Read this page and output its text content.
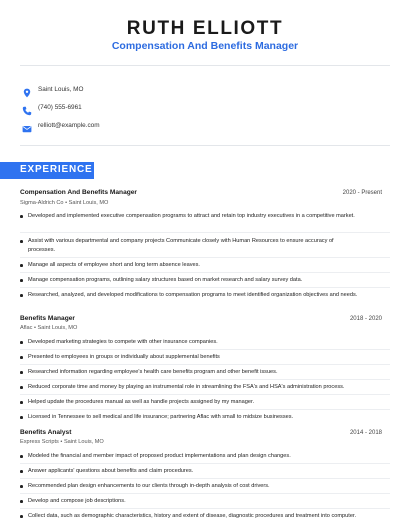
RUTH ELLIOTT
Compensation And Benefits Manager
Saint Louis, MO
(740) 555-6961
relliott@example.com
EXPERIENCE
Compensation And Benefits Manager	2020 - Present
Sigma-Aldrich Co • Saint Louis, MO
Developed and implemented executive compensation programs to attract and retain top industry executives in a competitive market.
Assist with various departmental and company projects Communicate closely with Human Resources to ensure accuracy of processes.
Manage all aspects of employee short and long term absence leaves.
Manage compensation programs, outlining salary structures based on market research and salary survey data.
Researched, analyzed, and developed modifications to compensation programs to meet identified organization objectives and needs.
Benefits Manager	2018 - 2020
Aflac • Saint Louis, MO
Developed marketing strategies to compete with other insurance companies.
Presented to employees in groups or individually about supplemental benefits
Researched information regarding employee's health care benefits program and other benefit issues.
Reduced corporate time and money by playing an instrumental role in streamlining the FSA's and HSA's administration process.
Helped update the procedures manual as well as handle projects assigned by my manager.
Licensed in Tennessee to sell medical and life insurance; partnering Aflac with small to midsize businesses.
Benefits Analyst	2014 - 2018
Express Scripts • Saint Louis, MO
Modeled the financial and member impact of proposed product implementations and plan design changes.
Answer applicants' questions about benefits and claim procedures.
Recommended plan design enhancements to our clients through in-depth analysis of cost drivers.
Develop and compose job descriptions.
Collect data, such as demographic characteristics, history and extent of disease, diagnostic procedures and treatment into computer.
